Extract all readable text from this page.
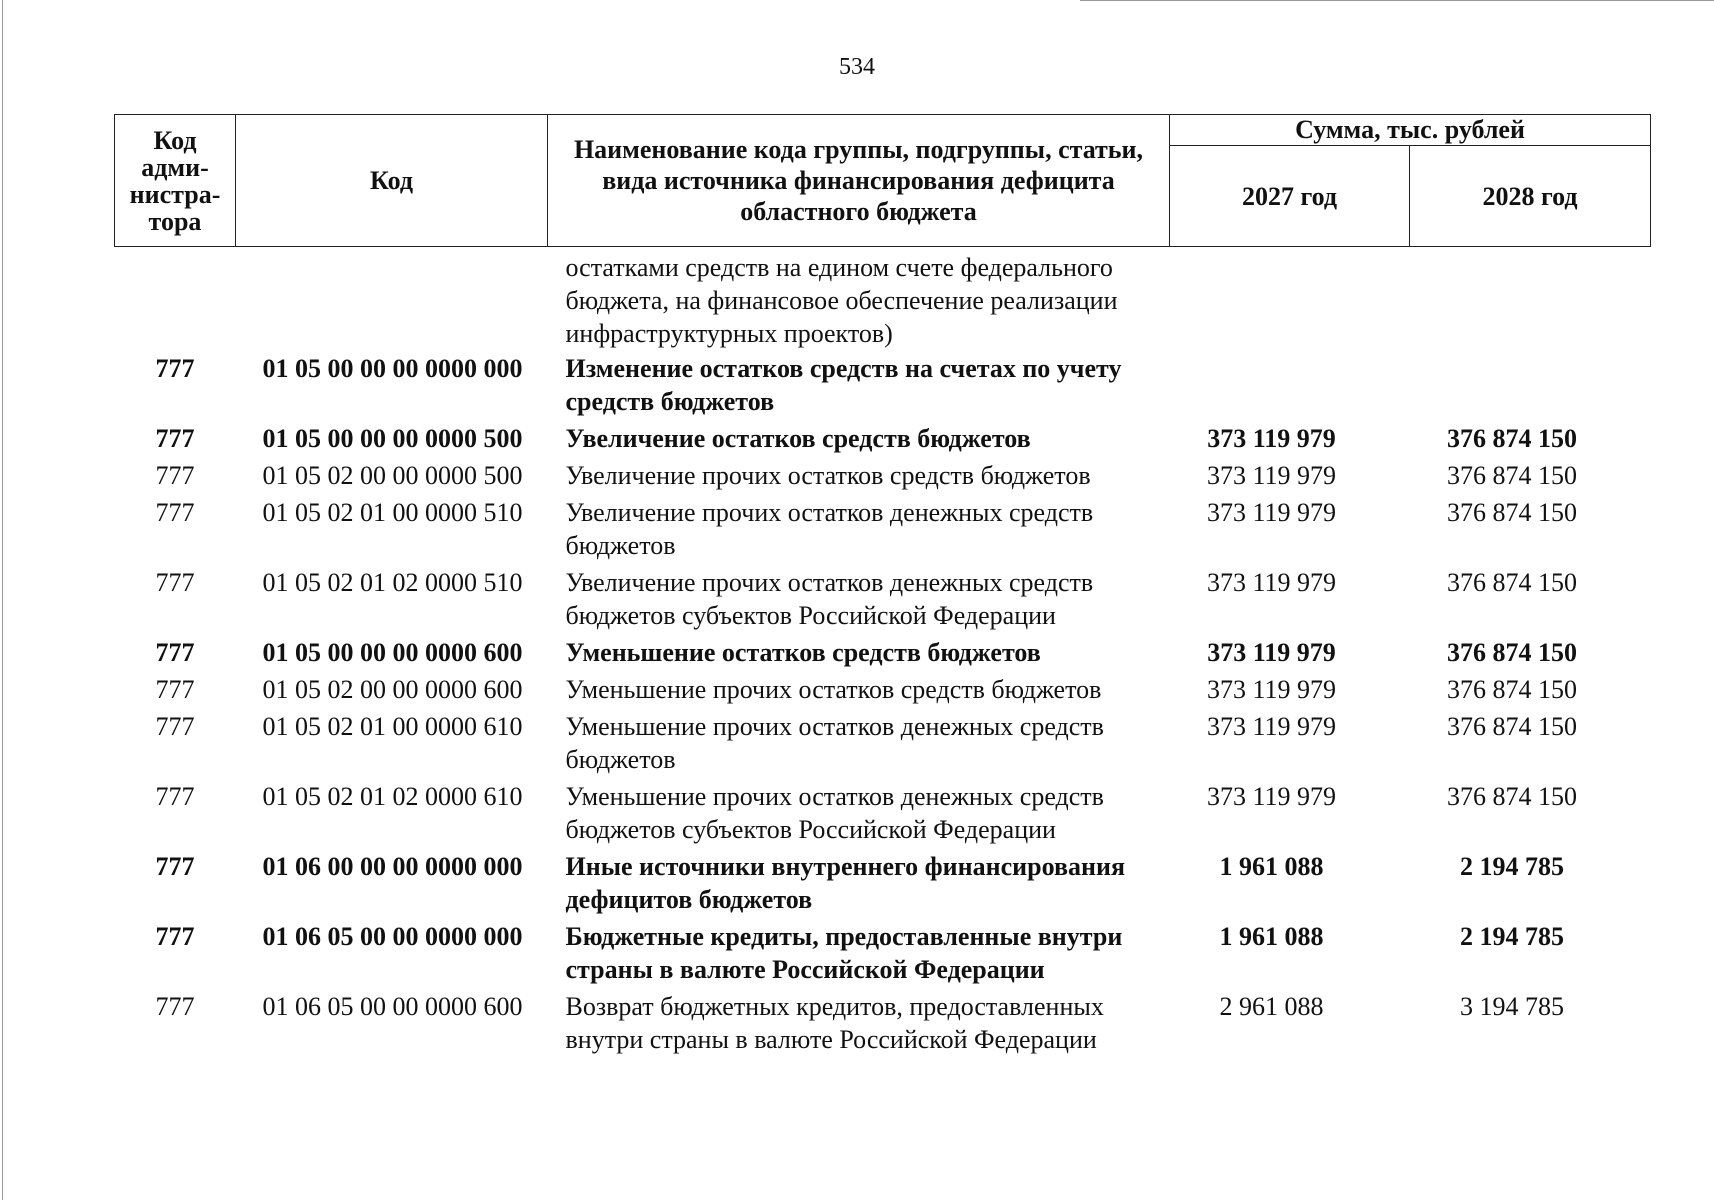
534
Код адми-нистра-тора	Код	Наименование кода группы, подгруппы, статьи, вида источника финансирования дефицита областного бюджета	Сумма, тыс. рублей	
			2027 год	2028 год
		остатками средств на едином счете федерального бюджета, на финансовое обеспечение реализации инфраструктурных проектов)		
777	01 05 00 00 00 0000 000	Изменение остатков средств на счетах по учету средств бюджетов		
777	01 05 00 00 00 0000 500	Увеличение остатков средств бюджетов	373 119 979	376 874 150
777	01 05 02 00 00 0000 500	Увеличение прочих остатков средств бюджетов	373 119 979	376 874 150
777	01 05 02 01 00 0000 510	Увеличение прочих остатков денежных средств бюджетов	373 119 979	376 874 150
777	01 05 02 01 02 0000 510	Увеличение прочих остатков денежных средств бюджетов субъектов Российской Федерации	373 119 979	376 874 150
777	01 05 00 00 00 0000 600	Уменьшение остатков средств бюджетов	373 119 979	376 874 150
777	01 05 02 00 00 0000 600	Уменьшение прочих остатков средств бюджетов	373 119 979	376 874 150
777	01 05 02 01 00 0000 610	Уменьшение прочих остатков денежных средств бюджетов	373 119 979	376 874 150
777	01 05 02 01 02 0000 610	Уменьшение прочих остатков денежных средств бюджетов субъектов Российской Федерации	373 119 979	376 874 150
777	01 06 00 00 00 0000 000	Иные источники внутреннего финансирования дефицитов бюджетов	1 961 088	2 194 785
777	01 06 05 00 00 0000 000	Бюджетные кредиты, предоставленные внутри страны в валюте Российской Федерации	1 961 088	2 194 785
777	01 06 05 00 00 0000 600	Возврат бюджетных кредитов, предоставленных внутри страны в валюте Российской Федерации	2 961 088	3 194 785
